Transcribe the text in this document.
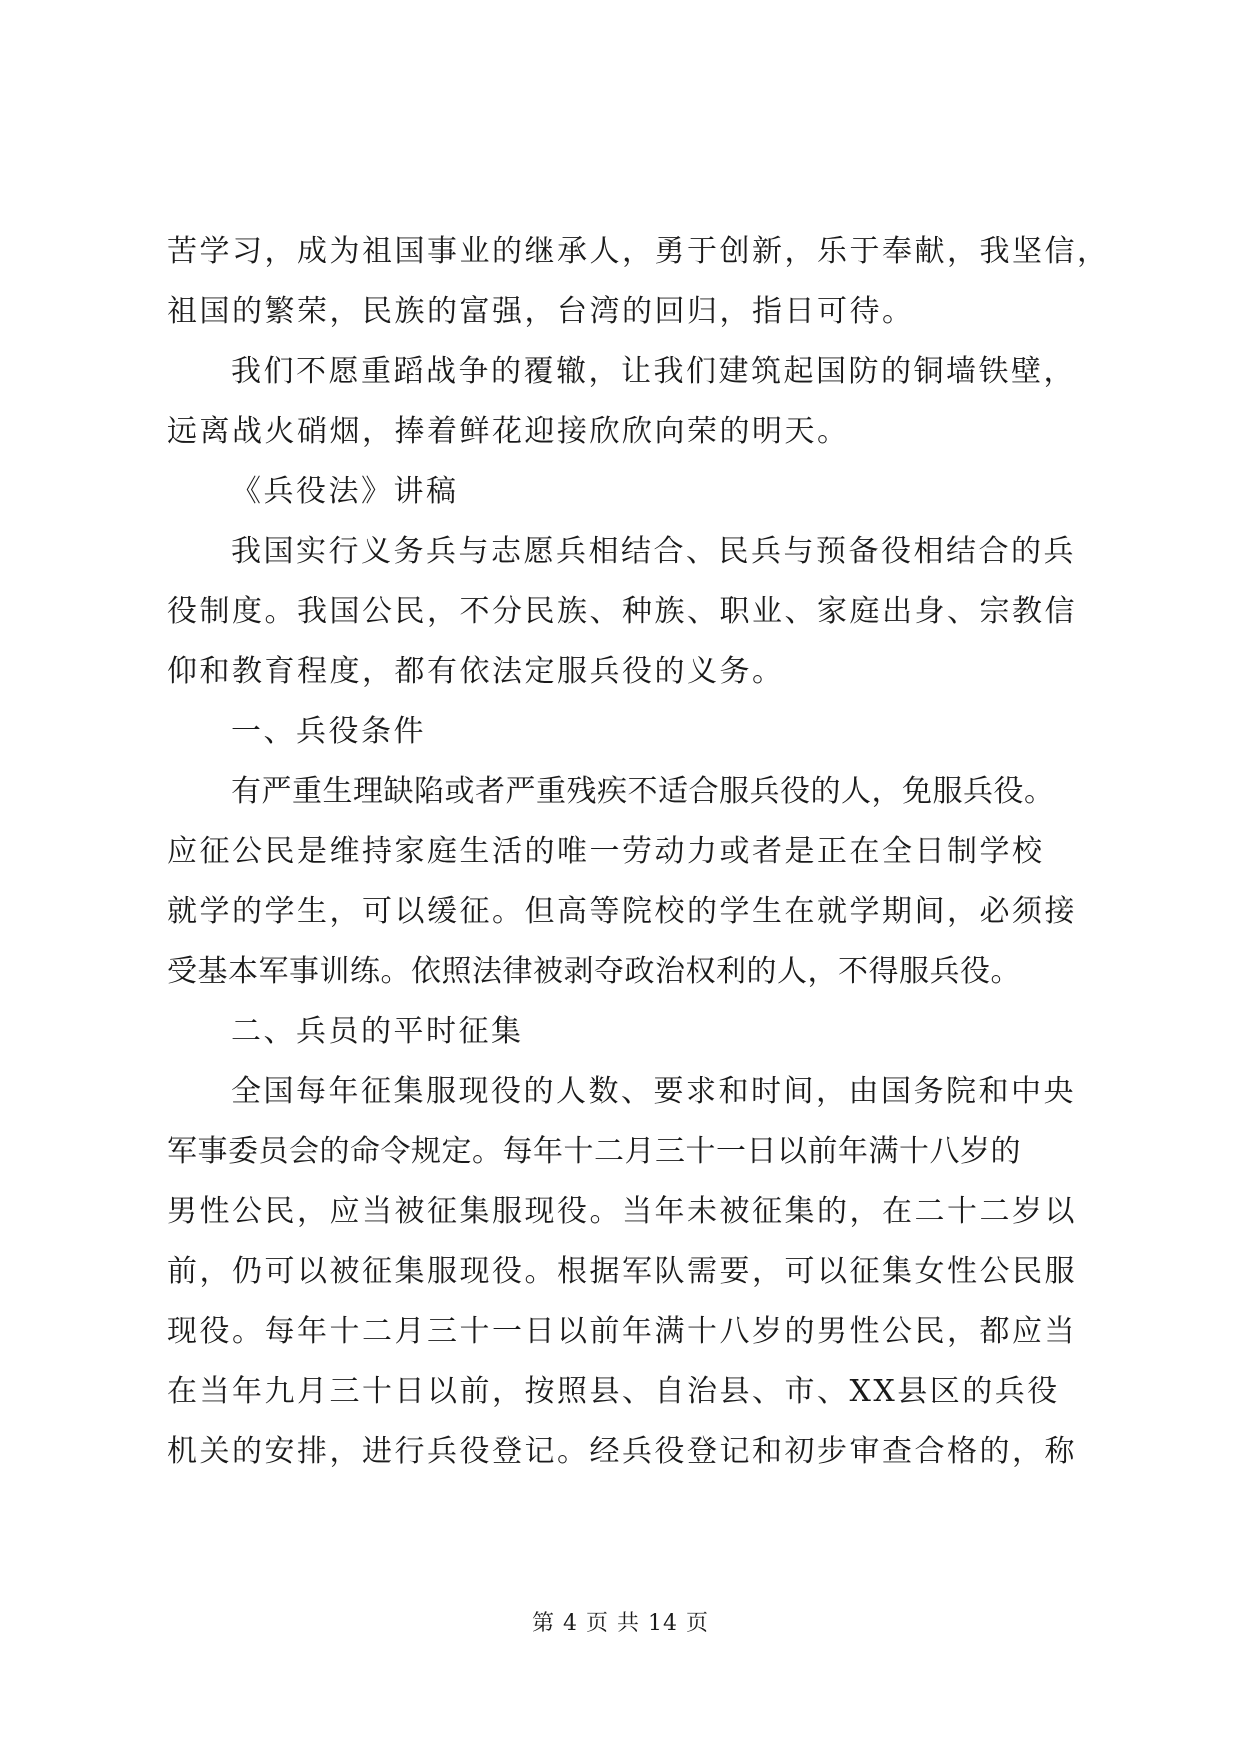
苦学习，成为祖国事业的继承人，勇于创新，乐于奉献，我坚信，
祖国的繁荣，民族的富强，台湾的回归，指日可待。
我们不愿重蹈战争的覆辙，让我们建筑起国防的铜墙铁壁，
远离战火硝烟，捧着鲜花迎接欣欣向荣的明天。
《兵役法》讲稿
我国实行义务兵与志愿兵相结合、民兵与预备役相结合的兵
役制度。我国公民，不分民族、种族、职业、家庭出身、宗教信
仰和教育程度，都有依法定服兵役的义务。
一、兵役条件
有严重生理缺陷或者严重残疾不适合服兵役的人，免服兵役。
应征公民是维持家庭生活的唯一劳动力或者是正在全日制学校
就学的学生，可以缓征。但高等院校的学生在就学期间，必须接
受基本军事训练。依照法律被剥夺政治权利的人，不得服兵役。
二、兵员的平时征集
全国每年征集服现役的人数、要求和时间，由国务院和中央
军事委员会的命令规定。每年十二月三十一日以前年满十八岁的
男性公民，应当被征集服现役。当年未被征集的，在二十二岁以
前，仍可以被征集服现役。根据军队需要，可以征集女性公民服
现役。每年十二月三十一日以前年满十八岁的男性公民，都应当
在当年九月三十日以前，按照县、自治县、市、XX县区的兵役
机关的安排，进行兵役登记。经兵役登记和初步审查合格的，称
第 4 页 共 14 页
